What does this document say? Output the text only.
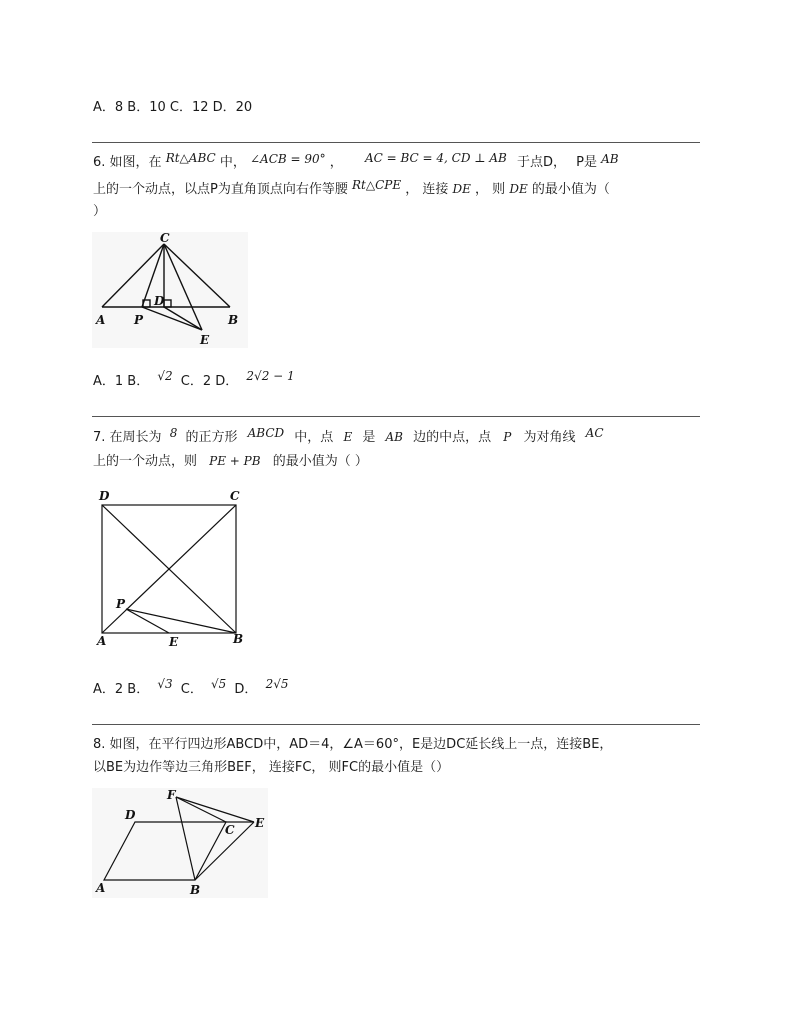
A．8 B．10 C．12 D．20
6. 如图，在 Rt△ABC 中， ∠ACB = 90° ， AC = BC = 4, CD ⊥ AB 于点D， P是 AB
上的一个动点，以点P为直角顶点向右作等腰 Rt△CPE ， 连接 DE ， 则 DE 的最小值为（
）
C
A	B
D
P
E
A．1 B． √2 C．2 D． 2√2 − 1
7. 在周长为 8 的正方形 ABCD 中，点 E 是 AB 边的中点，点 P 为对角线 AC
上的一个动点，则 PE + PB 的最小值为（ ）
D	C
A	B
P
E
A．2 B． √3 C． √5 D． 2√5
8. 如图，在平行四边形ABCD中，AD＝4，∠A＝60°，E是边DC延长线上一点，连接BE，
以BE为边作等边三角形BEF， 连接FC， 则FC的最小值是（）
A	B
C
D
E
F
